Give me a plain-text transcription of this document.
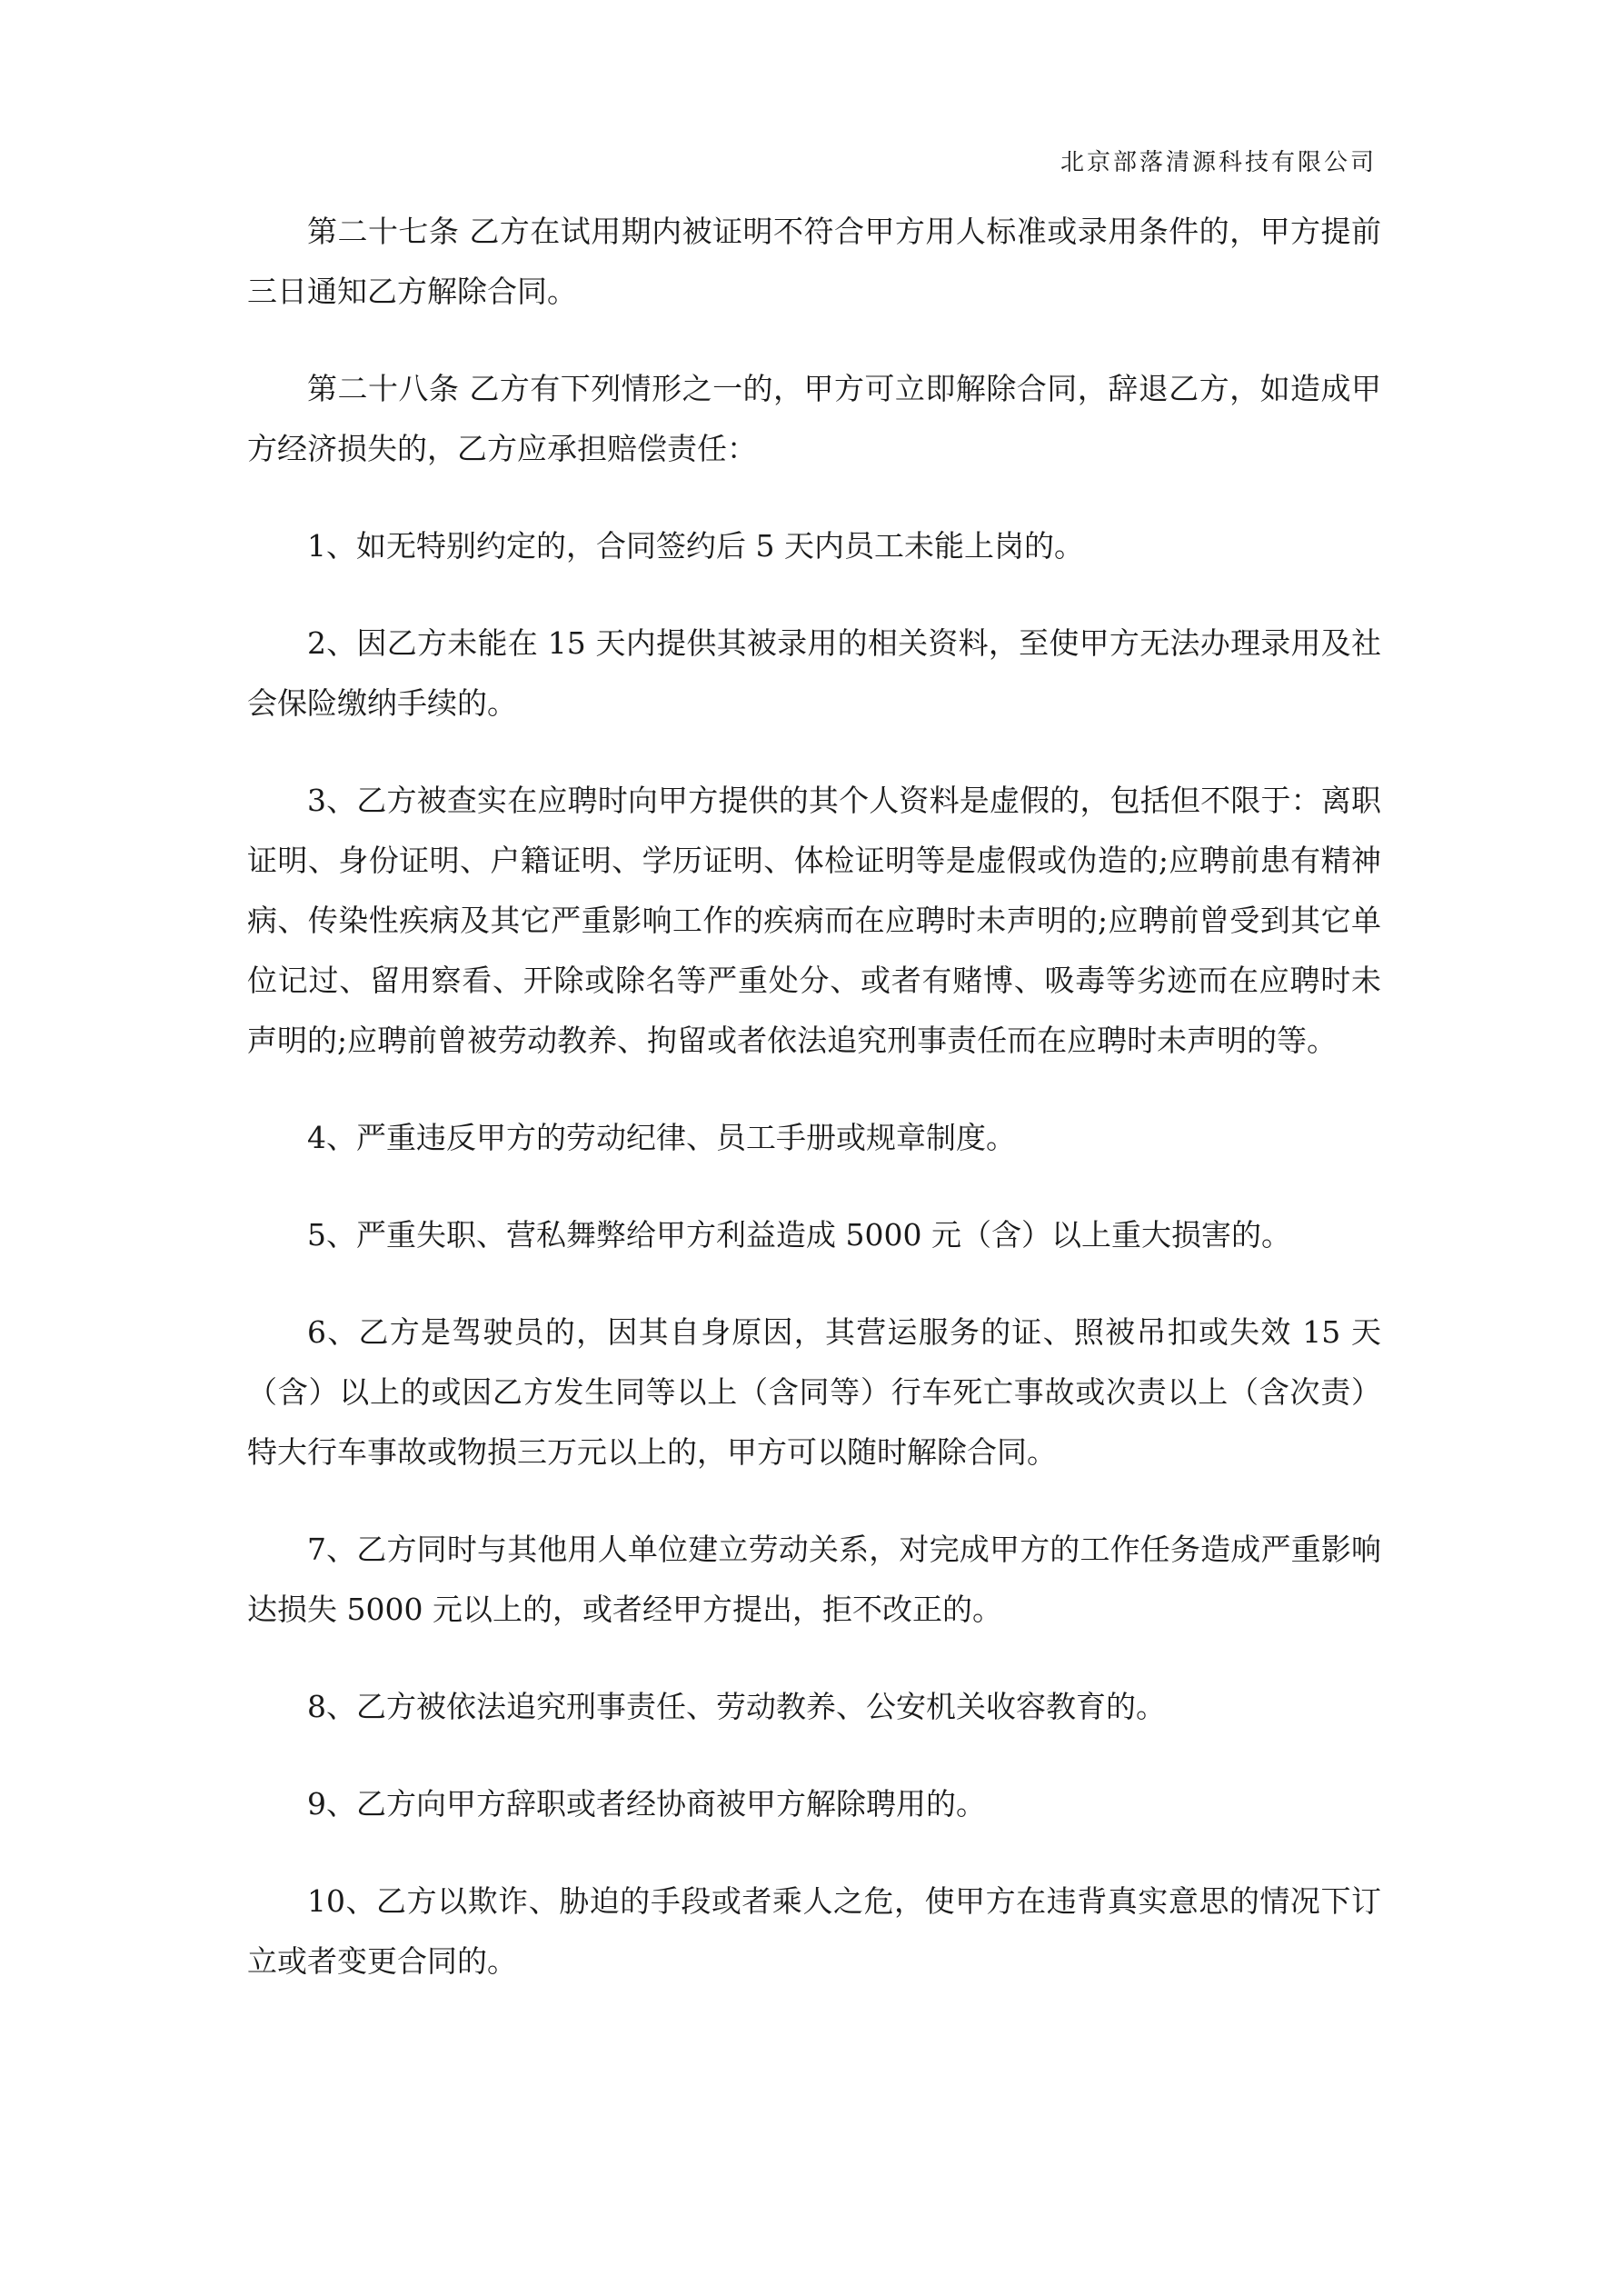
北京部落清源科技有限公司

第二十七条 乙方在试用期内被证明不符合甲方用人标准或录用条件的，甲方提前三日通知乙方解除合同。

第二十八条 乙方有下列情形之一的，甲方可立即解除合同，辞退乙方，如造成甲方经济损失的，乙方应承担赔偿责任：

1、如无特别约定的，合同签约后 5 天内员工未能上岗的。

2、因乙方未能在 15 天内提供其被录用的相关资料，至使甲方无法办理录用及社会保险缴纳手续的。

3、乙方被查实在应聘时向甲方提供的其个人资料是虚假的，包括但不限于：离职证明、身份证明、户籍证明、学历证明、体检证明等是虚假或伪造的;应聘前患有精神病、传染性疾病及其它严重影响工作的疾病而在应聘时未声明的;应聘前曾受到其它单位记过、留用察看、开除或除名等严重处分、或者有赌博、吸毒等劣迹而在应聘时未声明的;应聘前曾被劳动教养、拘留或者依法追究刑事责任而在应聘时未声明的等。

4、严重违反甲方的劳动纪律、员工手册或规章制度。

5、严重失职、营私舞弊给甲方利益造成 5000 元（含）以上重大损害的。

6、乙方是驾驶员的，因其自身原因，其营运服务的证、照被吊扣或失效 15 天（含）以上的或因乙方发生同等以上（含同等）行车死亡事故或次责以上（含次责）特大行车事故或物损三万元以上的，甲方可以随时解除合同。

7、乙方同时与其他用人单位建立劳动关系，对完成甲方的工作任务造成严重影响达损失 5000 元以上的，或者经甲方提出，拒不改正的。

8、乙方被依法追究刑事责任、劳动教养、公安机关收容教育的。

9、乙方向甲方辞职或者经协商被甲方解除聘用的。

10、乙方以欺诈、胁迫的手段或者乘人之危，使甲方在违背真实意思的情况下订立或者变更合同的。
